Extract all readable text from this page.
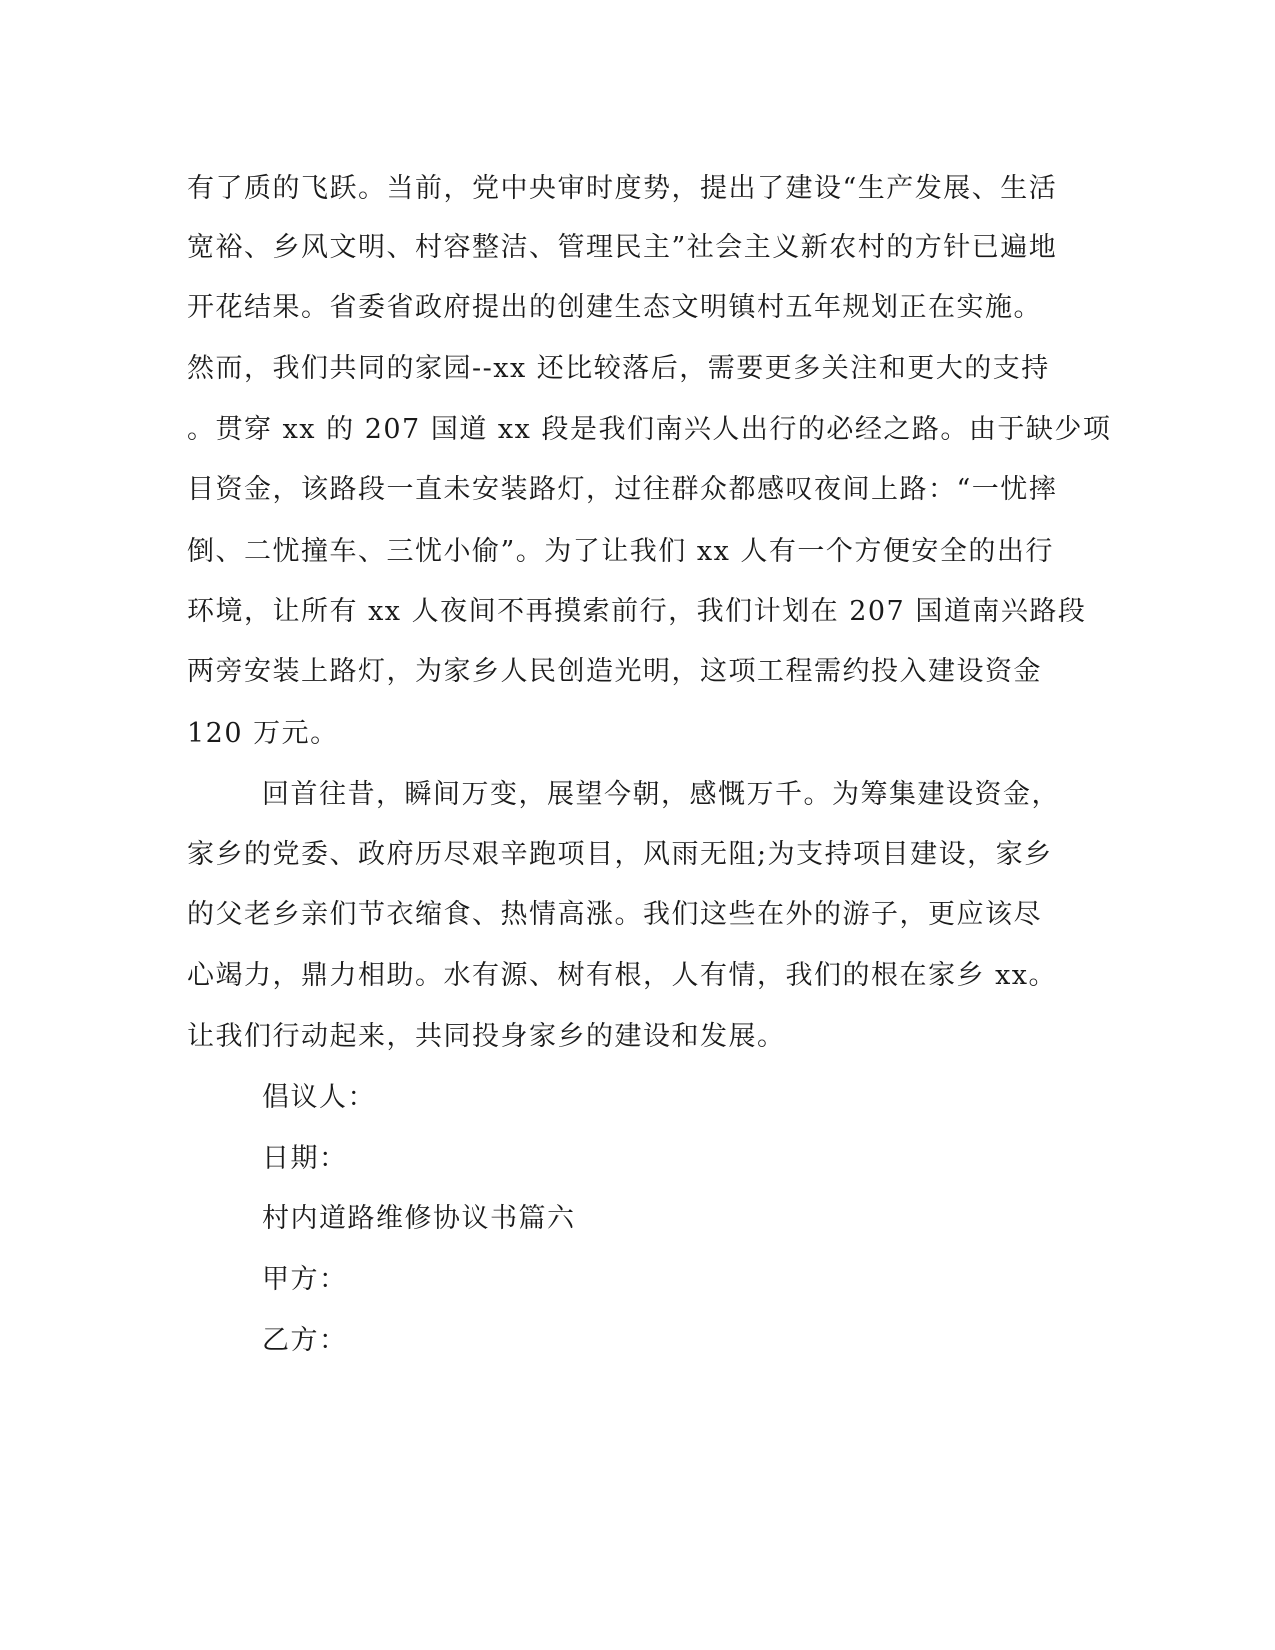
有了质的飞跃。当前，党中央审时度势，提出了建设“生产发展、生活
宽裕、乡风文明、村容整洁、管理民主”社会主义新农村的方针已遍地
开花结果。省委省政府提出的创建生态文明镇村五年规划正在实施。
然而，我们共同的家园--xx 还比较落后，需要更多关注和更大的支持
。贯穿 xx 的 207 国道 xx 段是我们南兴人出行的必经之路。由于缺少项
目资金，该路段一直未安装路灯，过往群众都感叹夜间上路：“一忧摔
倒、二忧撞车、三忧小偷”。为了让我们 xx 人有一个方便安全的出行
环境，让所有 xx 人夜间不再摸索前行，我们计划在 207 国道南兴路段
两旁安装上路灯，为家乡人民创造光明，这项工程需约投入建设资金
120 万元。
回首往昔，瞬间万变，展望今朝，感慨万千。为筹集建设资金，
家乡的党委、政府历尽艰辛跑项目，风雨无阻;为支持项目建设，家乡
的父老乡亲们节衣缩食、热情高涨。我们这些在外的游子，更应该尽
心竭力，鼎力相助。水有源、树有根，人有情，我们的根在家乡 xx。
让我们行动起来，共同投身家乡的建设和发展。
倡议人：
日期：
村内道路维修协议书篇六
甲方：
乙方：
